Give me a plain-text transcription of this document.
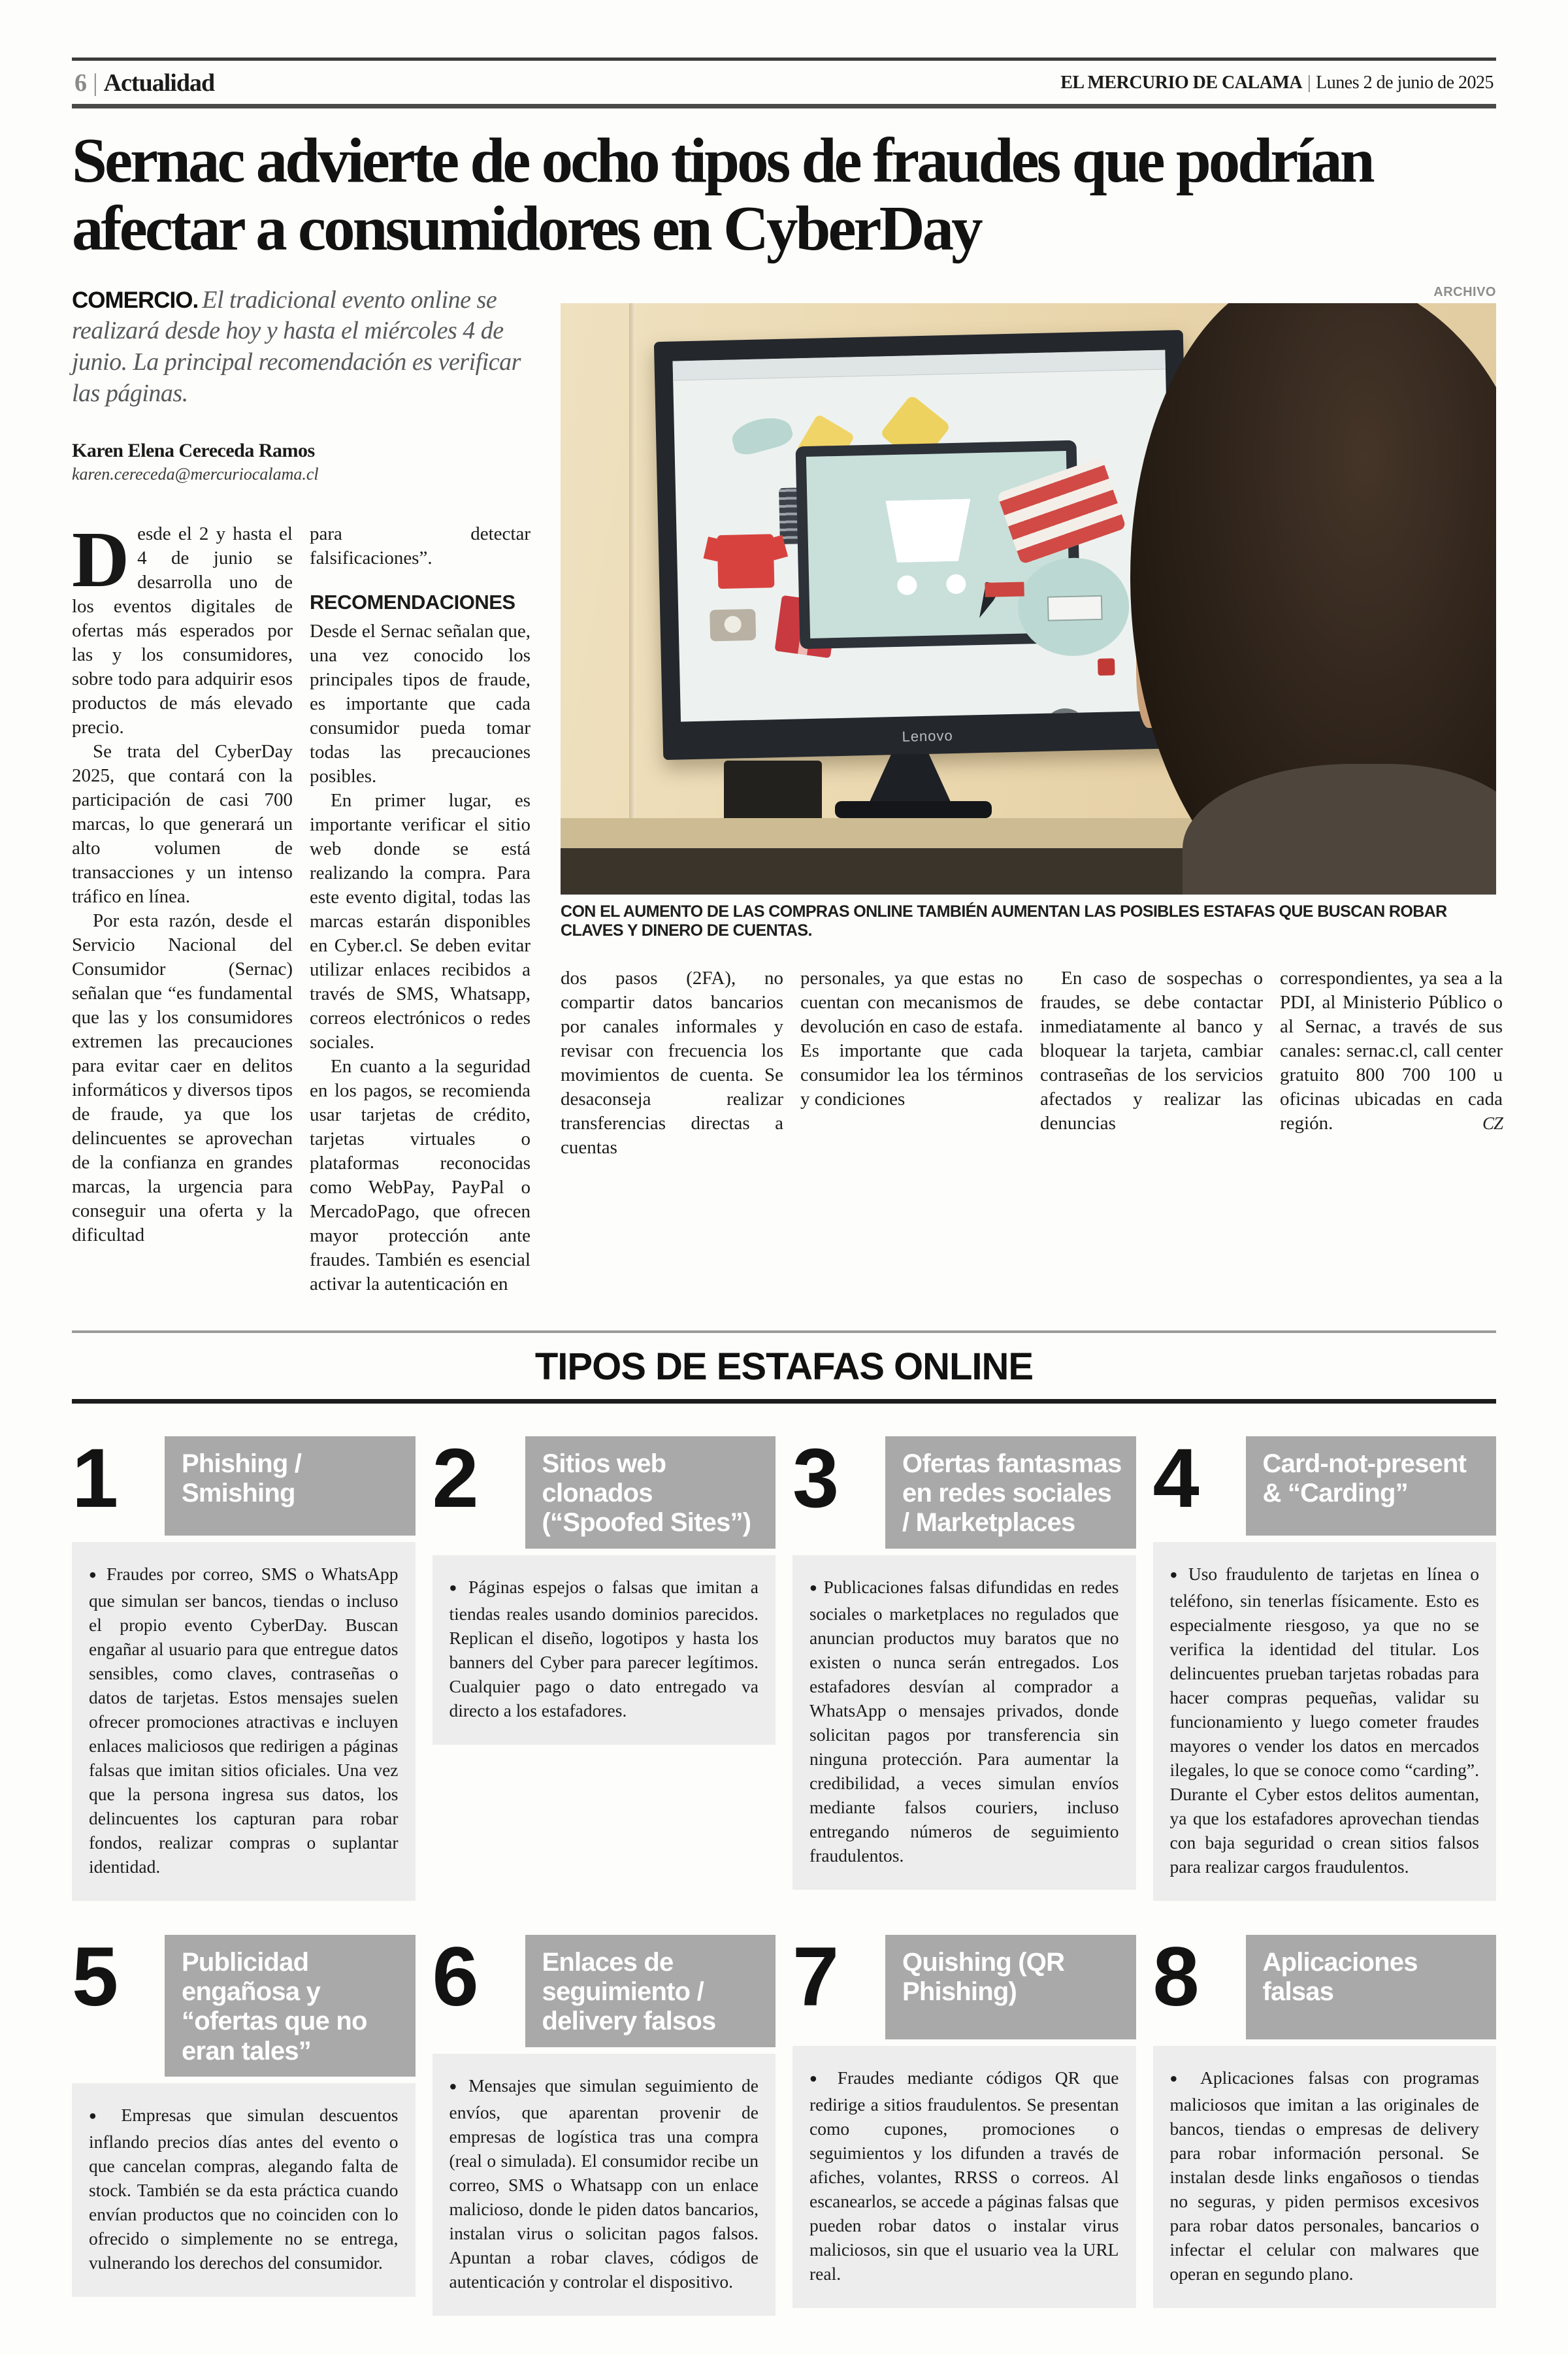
6 | Actualidad	EL MERCURIO DE CALAMA | Lunes 2 de junio de 2025
Sernac advierte de ocho tipos de fraudes que podrían afectar a consumidores en CyberDay

COMERCIO. El tradicional evento online se realizará desde hoy y hasta el miércoles 4 de junio. La principal recomendación es verificar las páginas.

Karen Elena Cereceda Ramos
karen.cereceda@mercuriocalama.cl

Desde el 2 y hasta el 4 de junio se desarrolla uno de los eventos digitales de ofertas más esperados por las y los consumidores, sobre todo para adquirir esos productos de más elevado precio.

Se trata del CyberDay 2025, que contará con la participación de casi 700 marcas, lo que generará un alto volumen de transacciones y un intenso tráfico en línea.

Por esta razón, desde el Servicio Nacional del Consumidor (Sernac) señalan que “es fundamental que las y los consumidores extremen las precauciones para evitar caer en delitos informáticos y diversos tipos de fraude, ya que los delincuentes se aprovechan de la confianza en grandes marcas, la urgencia para conseguir una oferta y la dificultad

para detectar falsificaciones”.

RECOMENDACIONES

Desde el Sernac señalan que, una vez conocido los principales tipos de fraude, es importante que cada consumidor pueda tomar todas las precauciones posibles.

En primer lugar, es importante verificar el sitio web donde se está realizando la compra. Para este evento digital, todas las marcas estarán disponibles en Cyber.cl. Se deben evitar utilizar enlaces recibidos a través de SMS, Whatsapp, correos electrónicos o redes sociales.

En cuanto a la seguridad en los pagos, se recomienda usar tarjetas de crédito, tarjetas virtuales o plataformas reconocidas como WebPay, PayPal o MercadoPago, que ofrecen mayor protección ante fraudes. También es esencial activar la autenticación en

ARCHIVO
Lenovo
CON EL AUMENTO DE LAS COMPRAS ONLINE TAMBIÉN AUMENTAN LAS POSIBLES ESTAFAS QUE BUSCAN ROBAR CLAVES Y DINERO DE CUENTAS.

dos pasos (2FA), no compartir datos bancarios por canales informales y revisar con frecuencia los movimientos de cuenta. Se desaconseja realizar transferencias directas a cuentas

personales, ya que estas no cuentan con mecanismos de devolución en caso de estafa. Es importante que cada consumidor lea los términos y condiciones

En caso de sospechas o fraudes, se debe contactar inmediatamente al banco y bloquear la tarjeta, cambiar contraseñas de los servicios afectados y realizar las denuncias

correspondientes, ya sea a la PDI, al Ministerio Público o al Sernac, a través de sus canales: sernac.cl, call center gratuito 800 700 100 u oficinas ubicadas en cada región.	CZ

TIPOS DE ESTAFAS ONLINE
1	Phishing / Smishing

● Fraudes por correo, SMS o WhatsApp que simulan ser bancos, tiendas o incluso el propio evento CyberDay. Buscan engañar al usuario para que entregue datos sensibles, como claves, contraseñas o datos de tarjetas. Estos mensajes suelen ofrecer promociones atractivas e incluyen enlaces maliciosos que redirigen a páginas falsas que imitan sitios oficiales. Una vez que la persona ingresa sus datos, los delincuentes los capturan para robar fondos, realizar compras o suplantar identidad.

2	Sitios web clonados (“Spoofed Sites”)

● Páginas espejos o falsas que imitan a tiendas reales usando dominios parecidos. Replican el diseño, logotipos y hasta los banners del Cyber para parecer legítimos. Cualquier pago o dato entregado va directo a los estafadores.

3	Ofertas fantasmas en redes sociales / Marketplaces

● Publicaciones falsas difundidas en redes sociales o marketplaces no regulados que anuncian productos muy baratos que no existen o nunca serán entregados. Los estafadores desvían al comprador a WhatsApp o mensajes privados, donde solicitan pagos por transferencia sin ninguna protección. Para aumentar la credibilidad, a veces simulan envíos mediante falsos couriers, incluso entregando números de seguimiento fraudulentos.

4	Card-not-present & “Carding”

● Uso fraudulento de tarjetas en línea o teléfono, sin tenerlas físicamente. Esto es especialmente riesgoso, ya que no se verifica la identidad del titular. Los delincuentes prueban tarjetas robadas para hacer compras pequeñas, validar su funcionamiento y luego cometer fraudes mayores o vender los datos en mercados ilegales, lo que se conoce como “carding”. Durante el Cyber estos delitos aumentan, ya que los estafadores aprovechan tiendas con baja seguridad o crean sitios falsos para realizar cargos fraudulentos.

5	Publicidad engañosa y “ofertas que no eran tales”

● Empresas que simulan descuentos inflando precios días antes del evento o que cancelan compras, alegando falta de stock. También se da esta práctica cuando envían productos que no coinciden con lo ofrecido o simplemente no se entrega, vulnerando los derechos del consumidor.

6	Enlaces de seguimiento / delivery falsos

● Mensajes que simulan seguimiento de envíos, que aparentan provenir de empresas de logística tras una compra (real o simulada). El consumidor recibe un correo, SMS o Whatsapp con un enlace malicioso, donde le piden datos bancarios, instalan virus o solicitan pagos falsos. Apuntan a robar claves, códigos de autenticación y controlar el dispositivo.

7	Quishing (QR Phishing)

● Fraudes mediante códigos QR que redirige a sitios fraudulentos. Se presentan como cupones, promociones o seguimientos y los difunden a través de afiches, volantes, RRSS o correos. Al escanearlos, se accede a páginas falsas que pueden robar datos o instalar virus maliciosos, sin que el usuario vea la URL real.

8	Aplicaciones falsas

● Aplicaciones falsas con programas maliciosos que imitan a las originales de bancos, tiendas o empresas de delivery para robar información personal. Se instalan desde links engañosos o tiendas no seguras, y piden permisos excesivos para robar datos personales, bancarios o infectar el celular con malwares que operan en segundo plano.
